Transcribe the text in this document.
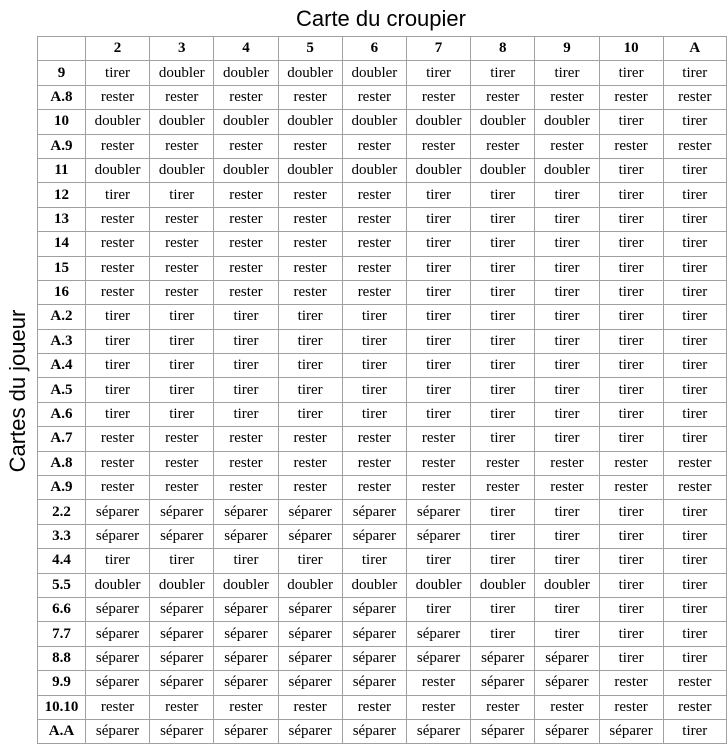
Carte du croupier
Cartes du joueur
	2	3	4	5	6	7	8	9	10	A
9	tirer	doubler	doubler	doubler	doubler	tirer	tirer	tirer	tirer	tirer
A.8	rester	rester	rester	rester	rester	rester	rester	rester	rester	rester
10	doubler	doubler	doubler	doubler	doubler	doubler	doubler	doubler	tirer	tirer
A.9	rester	rester	rester	rester	rester	rester	rester	rester	rester	rester
11	doubler	doubler	doubler	doubler	doubler	doubler	doubler	doubler	tirer	tirer
12	tirer	tirer	rester	rester	rester	tirer	tirer	tirer	tirer	tirer
13	rester	rester	rester	rester	rester	tirer	tirer	tirer	tirer	tirer
14	rester	rester	rester	rester	rester	tirer	tirer	tirer	tirer	tirer
15	rester	rester	rester	rester	rester	tirer	tirer	tirer	tirer	tirer
16	rester	rester	rester	rester	rester	tirer	tirer	tirer	tirer	tirer
A.2	tirer	tirer	tirer	tirer	tirer	tirer	tirer	tirer	tirer	tirer
A.3	tirer	tirer	tirer	tirer	tirer	tirer	tirer	tirer	tirer	tirer
A.4	tirer	tirer	tirer	tirer	tirer	tirer	tirer	tirer	tirer	tirer
A.5	tirer	tirer	tirer	tirer	tirer	tirer	tirer	tirer	tirer	tirer
A.6	tirer	tirer	tirer	tirer	tirer	tirer	tirer	tirer	tirer	tirer
A.7	rester	rester	rester	rester	rester	rester	tirer	tirer	tirer	tirer
A.8	rester	rester	rester	rester	rester	rester	rester	rester	rester	rester
A.9	rester	rester	rester	rester	rester	rester	rester	rester	rester	rester
2.2	séparer	séparer	séparer	séparer	séparer	séparer	tirer	tirer	tirer	tirer
3.3	séparer	séparer	séparer	séparer	séparer	séparer	tirer	tirer	tirer	tirer
4.4	tirer	tirer	tirer	tirer	tirer	tirer	tirer	tirer	tirer	tirer
5.5	doubler	doubler	doubler	doubler	doubler	doubler	doubler	doubler	tirer	tirer
6.6	séparer	séparer	séparer	séparer	séparer	tirer	tirer	tirer	tirer	tirer
7.7	séparer	séparer	séparer	séparer	séparer	séparer	tirer	tirer	tirer	tirer
8.8	séparer	séparer	séparer	séparer	séparer	séparer	séparer	séparer	tirer	tirer
9.9	séparer	séparer	séparer	séparer	séparer	rester	séparer	séparer	rester	rester
10.10	rester	rester	rester	rester	rester	rester	rester	rester	rester	rester
A.A	séparer	séparer	séparer	séparer	séparer	séparer	séparer	séparer	séparer	tirer
